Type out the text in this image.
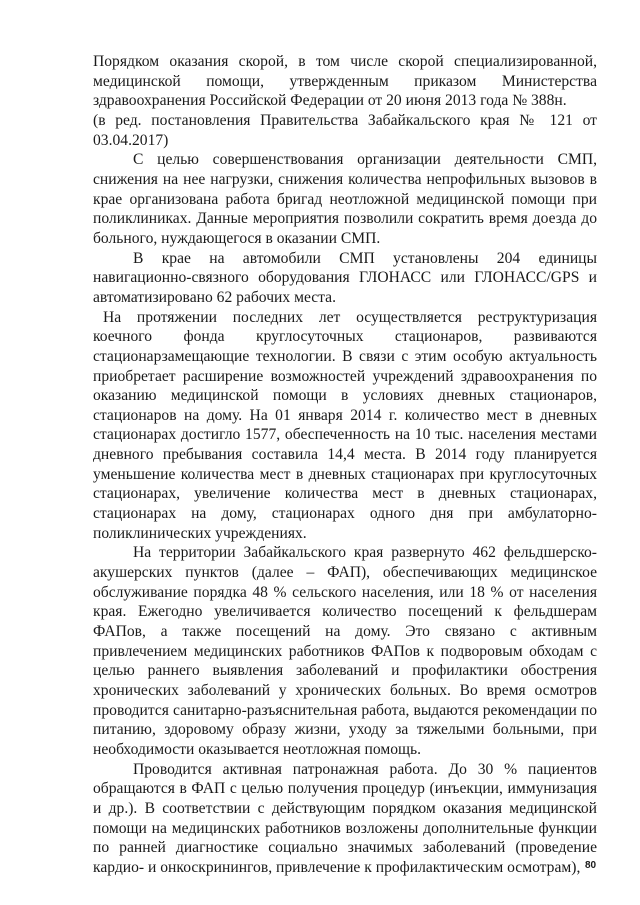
Порядком оказания скорой, в том числе скорой специализированной, медицинской помощи, утвержденным приказом Министерства здравоохранения Российской Федерации от 20 июня 2013 года № 388н.

(в ред. постановления Правительства Забайкальского края № 121 от 03.04.2017)

С целью совершенствования организации деятельности СМП, снижения на нее нагрузки, снижения количества непрофильных вызовов в крае организована работа бригад неотложной медицинской помощи при поликлиниках. Данные мероприятия позволили сократить время доезда до больного, нуждающегося в оказании СМП.

В крае на автомобили СМП установлены 204 единицы навигационно-связного оборудования ГЛОНАСС или ГЛОНАСС/GPS и автоматизировано 62 рабочих места.

На протяжении последних лет осуществляется реструктуризация коечного фонда круглосуточных стационаров, развиваются стационарзамещающие технологии. В связи с этим особую актуальность приобретает расширение возможностей учреждений здравоохранения по оказанию медицинской помощи в условиях дневных стационаров, стационаров на дому. На 01 января 2014 г. количество мест в дневных стационарах достигло 1577, обеспеченность на 10 тыс. населения местами дневного пребывания составила 14,4 места. В 2014 году планируется уменьшение количества мест в дневных стационарах при круглосуточных стационарах, увеличение количества мест в дневных стационарах, стационарах на дому, стационарах одного дня при амбулаторно-поликлинических учреждениях.

На территории Забайкальского края развернуто 462 фельдшерско-акушерских пунктов (далее – ФАП), обеспечивающих медицинское обслуживание порядка 48 % сельского населения, или 18 % от населения края. Ежегодно увеличивается количество посещений к фельдшерам ФАПов, а также посещений на дому. Это связано с активным привлечением медицинских работников ФАПов к подворовым обходам с целью раннего выявления заболеваний и профилактики обострения хронических заболеваний у хронических больных. Во время осмотров проводится санитарно-разъяснительная работа, выдаются рекомендации по питанию, здоровому образу жизни, уходу за тяжелыми больными, при необходимости оказывается неотложная помощь.

Проводится активная патронажная работа. До 30 % пациентов обращаются в ФАП с целью получения процедур (инъекции, иммунизация и др.). В соответствии с действующим порядком оказания медицинской помощи на медицинских работников возложены дополнительные функции по ранней диагностике социально значимых заболеваний (проведение кардио- и онкоскринингов, привлечение к профилактическим осмотрам), 80
